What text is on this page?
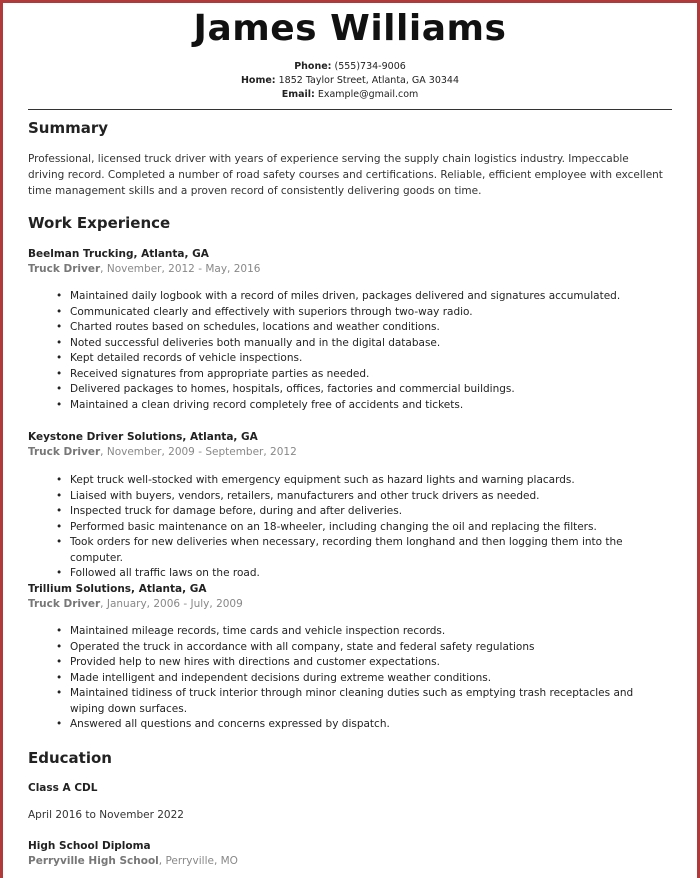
James Williams
Phone: (555)734-9006
Home: 1852 Taylor Street, Atlanta, GA 30344
Email: Example@gmail.com
Summary
Professional, licensed truck driver with years of experience serving the supply chain logistics industry. Impeccable driving record. Completed a number of road safety courses and certifications. Reliable, efficient employee with excellent time management skills and a proven record of consistently delivering goods on time.
Work Experience
Beelman Trucking, Atlanta, GA
Truck Driver, November, 2012 - May, 2016
• Maintained daily logbook with a record of miles driven, packages delivered and signatures accumulated.
• Communicated clearly and effectively with superiors through two-way radio.
• Charted routes based on schedules, locations and weather conditions.
• Noted successful deliveries both manually and in the digital database.
• Kept detailed records of vehicle inspections.
• Received signatures from appropriate parties as needed.
• Delivered packages to homes, hospitals, offices, factories and commercial buildings.
• Maintained a clean driving record completely free of accidents and tickets.
Keystone Driver Solutions, Atlanta, GA
Truck Driver, November, 2009 - September, 2012
• Kept truck well-stocked with emergency equipment such as hazard lights and warning placards.
• Liaised with buyers, vendors, retailers, manufacturers and other truck drivers as needed.
• Inspected truck for damage before, during and after deliveries.
• Performed basic maintenance on an 18-wheeler, including changing the oil and replacing the filters.
• Took orders for new deliveries when necessary, recording them longhand and then logging them into the computer.
• Followed all traffic laws on the road.
Trillium Solutions, Atlanta, GA
Truck Driver, January, 2006 - July, 2009
• Maintained mileage records, time cards and vehicle inspection records.
• Operated the truck in accordance with all company, state and federal safety regulations
• Provided help to new hires with directions and customer expectations.
• Made intelligent and independent decisions during extreme weather conditions.
• Maintained tidiness of truck interior through minor cleaning duties such as emptying trash receptacles and wiping down surfaces.
• Answered all questions and concerns expressed by dispatch.
Education
Class A CDL
April 2016 to November 2022
High School Diploma
Perryville High School, Perryville, MO
